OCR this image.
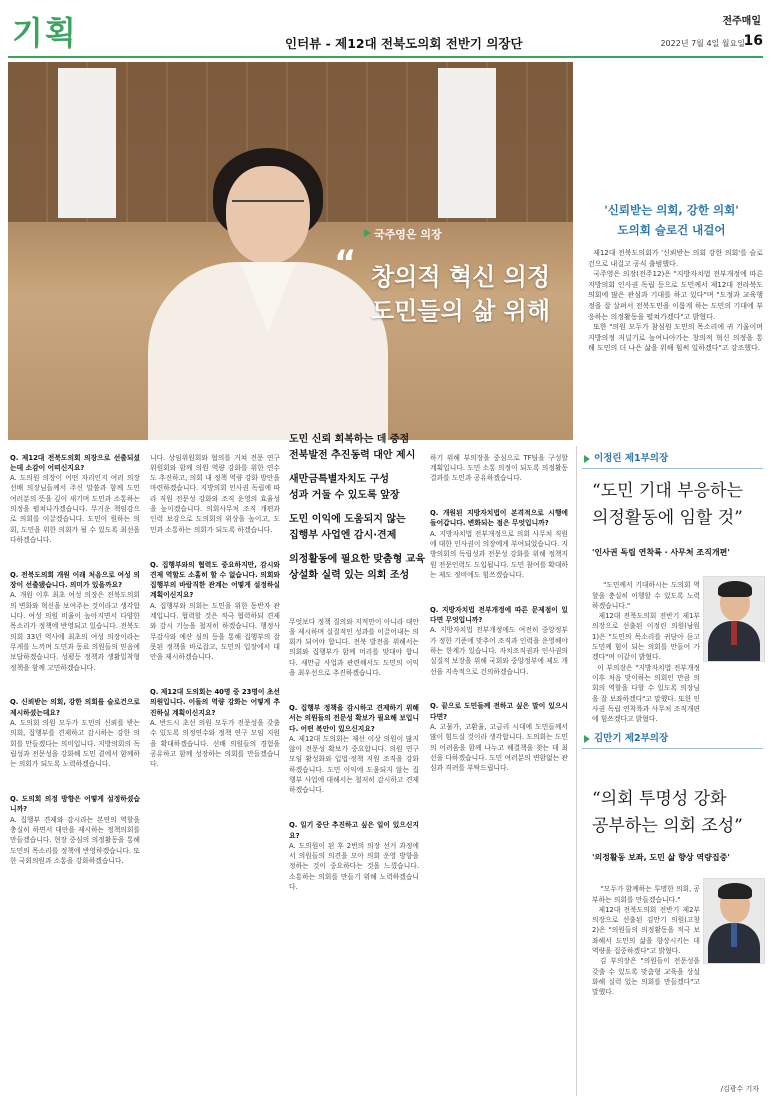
기획	인터뷰 - 제12대 전북도의회 전반기 의장단
전주매일
2022년 7월 4일 월요일
16
국주영은 의장
“ 창의적 혁신 의정
도민들의 삶 위해
'신뢰받는 의회, 강한 의회'
도의회 슬로건 내걸어
제12대 전북도의회가 '신뢰받는 의회 강한 의회'를 슬로건으로 내걸고 공식 출범했다.
국주영은 의장(전주12)은 "지방자치법 전부개정에 따른 지방의회 인사권 독립 등으로 도민께서 제12대 전라북도의회에 많은 관심과 기대를 하고 있다"며 "도정과 교육행정을 잘 살펴서 전북도민을 이롭게 하는 도민의 기대에 부응하는 의정활동을 펼쳐가겠다"고 밝혔다.
또한 "의원 모두가 참심원 도민의 목소리에 귀 기울이며 지방의정 저널기로 높여나아가는 창의적 혁신 의정을 통해 도민의 더 나은 삶을 위해 힘써 일하겠다"고 강조했다.

Q. 제12대 전북도의회 의장으로 선출되셨는데 소감이 어떠신지요?
A. 도의원 의장이 어떤 자리인지 여러 의장 선배 의장님들께서 주신 말씀과 함께 도민 여러분의 뜻을 깊이 새기며 도민과 소통하는 의정을 펼쳐나가겠습니다. 무거운 책임감으로 의회를 이끌겠습니다. 도민이 원하는 의회, 도민을 위한 의회가 될 수 있도록 최선을 다하겠습니다.

Q. 전북도의회 개원 이래 처음으로 여성 의장이 선출됐습니다. 의미가 있을까요?
A. 개원 이후 최초 여성 의장은 전북도의회의 변화와 혁신을 보여주는 것이라고 생각합니다. 여성 의원 비율이 높아지면서 다양한 목소리가 정책에 반영되고 있습니다. 전북도의회 33년 역사에 최초의 여성 의장이라는 무게를 느끼며 도민과 동료 의원들의 믿음에 보답하겠습니다. 성평등 정책과 생활밀착형 정책을 함께 고민하겠습니다.

Q. 신뢰받는 의회, 강한 의회를 슬로건으로 제시하셨는데요?
A. 도의회 의원 모두가 도민의 신뢰를 받는 의회, 집행부를 견제하고 감시하는 강한 의회를 만들겠다는 의미입니다. 지방의회의 독립성과 전문성을 강화해 도민 곁에서 함께하는 의회가 되도록 노력하겠습니다.

Q. 도의회 의정 방향은 어떻게 설정하셨습니까?
A. 집행부 견제와 감시라는 본연의 역할을 충실히 하면서 대안을 제시하는 정책의회를 만들겠습니다. 현장 중심의 의정활동을 통해 도민의 목소리를 정책에 반영하겠습니다. 또한 국회의원과 소통을 강화하겠습니다.

니다. 상임위원회와 협의를 거쳐 전문 연구위원회와 함께 의원 역량 강화를 위한 연수도 추진하고, 의회 내 정책 역량 강화 방안을 마련하겠습니다. 지방의회 인사권 독립에 따라 직원 전문성 강화와 조직 운영의 효율성을 높이겠습니다. 의회사무처 조직 개편과 인력 보강으로 도의회의 위상을 높이고, 도민과 소통하는 의회가 되도록 하겠습니다.

Q. 집행부와의 협력도 중요하지만, 감시와 견제 역할도 소홀히 할 수 없습니다. 의회와 집행부의 바람직한 관계는 어떻게 설정하실 계획이신지요?
A. 집행부와 의회는 도민을 위한 동반자 관계입니다. 협력할 것은 적극 협력하되 견제와 감시 기능을 철저히 하겠습니다. 행정사무감사와 예산 심의 등을 통해 집행부의 잘못된 정책을 바로잡고, 도민의 입장에서 대안을 제시하겠습니다.

Q. 제12대 도의회는 40명 중 23명이 초선 의원입니다. 이들의 역량 강화는 어떻게 추진하실 계획이신지요?
A. 반드시 초선 의원 모두가 전문성을 갖출 수 있도록 의정연수와 정책 연구 모임 지원을 확대하겠습니다. 선배 의원들의 경험을 공유하고 함께 성장하는 의회를 만들겠습니다.

도민 신뢰 회복하는 데 중점
전북발전 추진동력 대안 제시
새만금특별자치도 구성
성과 거둘 수 있도록 앞장
도민 이익에 도움되지 않는
집행부 사업엔 감시·견제
의정활동에 필요한 맞춤형 교육
상설화 실력 있는 의회 조성

무엇보다 정책 질의와 지적만이 아니라 대안을 제시하며 실질적인 성과를 이끌어내는 의회가 되어야 합니다. 전북 발전을 위해서는 의회와 집행부가 함께 머리를 맞대야 합니다. 새만금 사업과 관련해서도 도민의 이익을 최우선으로 추진하겠습니다.

Q. 집행부 정책을 감시하고 견제하기 위해서는 의원들의 전문성 확보가 필요해 보입니다. 어떤 복안이 있으신지요?
A. 제12대 도의회는 재선 이상 의원이 많지 않아 전문성 확보가 중요합니다. 의원 연구 모임 활성화와 입법·정책 지원 조직을 강화하겠습니다. 도민 이익에 도움되지 않는 집행부 사업에 대해서는 철저히 감시하고 견제하겠습니다.

Q. 일기 중단 추진하고 싶은 일이 있으신지요?
A. 도의원이 된 후 2번의 의장 선거 과정에서 의원들의 의견을 모아 의회 운영 방향을 정하는 것이 중요하다는 것을 느꼈습니다. 소통하는 의회를 만들기 위해 노력하겠습니다.

하기 위해 부의장을 중심으로 TF팀을 구성할 계획입니다. 도민 소통 의정이 되도록 의정활동 결과를 도민과 공유하겠습니다.

Q. 개원된 지방자치법이 본격적으로 시행에 들어갑니다. 변화되는 점은 무엇입니까?
A. 지방자치법 전부개정으로 의회 사무처 직원에 대한 인사권이 의장에게 부여되었습니다. 지방의회의 독립성과 전문성 강화를 위해 정책지원 전문인력도 도입됩니다. 도민 참여를 확대하는 제도 정비에도 힘쓰겠습니다.

Q. 지방자치법 전부개정에 따른 문제점이 있다면 무엇입니까?
A. 지방자치법 전부개정에도 여전히 중앙정부가 정한 기준에 맞추어 조직과 인력을 운영해야 하는 한계가 있습니다. 자치조직권과 인사권의 실질적 보장을 위해 국회와 중앙정부에 제도 개선을 지속적으로 건의하겠습니다.

Q. 끝으로 도민들께 전하고 싶은 말이 있으시다면?
A. 고물가, 고환율, 고금리 시대에 도민들께서 많이 힘드실 것이라 생각합니다. 도의회는 도민의 어려움을 함께 나누고 해결책을 찾는 데 최선을 다하겠습니다. 도민 여러분의 변함없는 관심과 격려를 부탁드립니다.

이정린 제1부의장
“도민 기대 부응하는
의정활동에 임할 것”
'인사권 독립 연착륙 · 사무처 조직개편'

"도민께서 기대하시는 도의회 역할을 충실히 이행할 수 있도록 노력하겠습니다."
제12대 전북도의회 전반기 제1부의장으로 선출된 이정린 의원(남원1)은 "도민의 목소리를 귀담아 듣고 도민께 힘이 되는 의회를 만들어 가겠다"며 이같이 밝혔다.
이 부의장은 "지방자치법 전부개정 이후 처음 맞이하는 의회인 만큼 의회의 역할을 다할 수 있도록 의장님을 잘 보좌하겠다"고 말했다. 또한 인사권 독립 연착륙과 사무처 조직개편에 힘쓰겠다고 밝혔다.

김만기 제2부의장
“의회 투명성 강화
공부하는 의회 조성”
'의정활동 보좌, 도민 삶 향상 역량집중'

"모두가 함께하는 투명한 의회, 공부하는 의회를 만들겠습니다."
제12대 전북도의회 전반기 제2부의장으로 선출된 김만기 의원(고창2)은 "의원들의 의정활동을 적극 보좌해서 도민의 삶을 향상시키는 데 역량을 집중하겠다"고 밝혔다.
김 부의장은 "의원들이 전문성을 갖출 수 있도록 맞춤형 교육을 상설화해 실력 있는 의회를 만들겠다"고 말했다.

/김광수 기자
